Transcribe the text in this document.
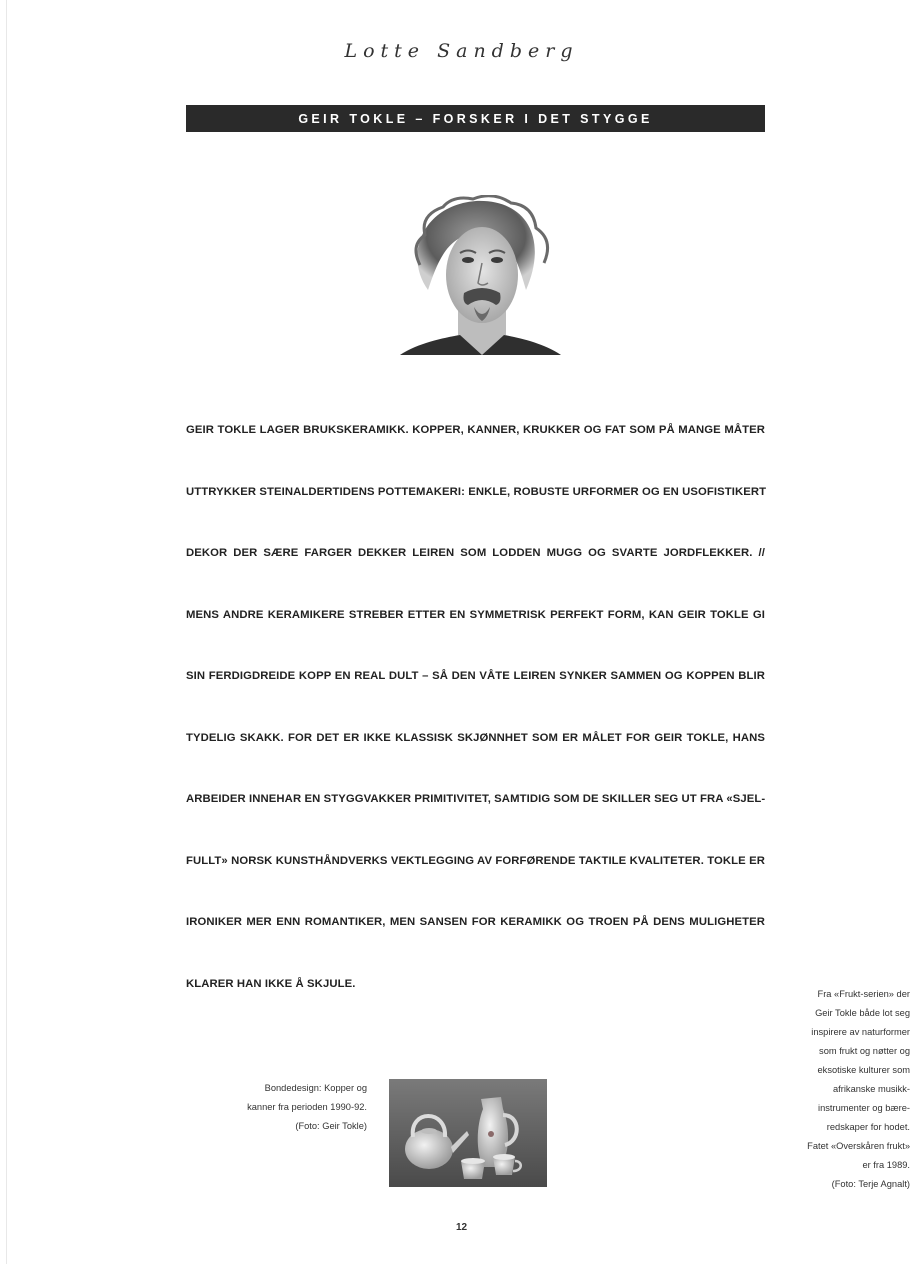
Lotte Sandberg
GEIR TOKLE – FORSKER I DET STYGGE
GEIR TOKLE LAGER BRUKSKERAMIKK. KOPPER, KANNER, KRUKKER OG FAT SOM PÅ MANGE MÅTER
UTTRYKKER STEINALDERTIDENS POTTEMAKERI: ENKLE, ROBUSTE URFORMER OG EN USOFISTIKERT
DEKOR DER SÆRE FARGER DEKKER LEIREN SOM LODDEN MUGG OG SVARTE JORDFLEKKER. //
MENS ANDRE KERAMIKERE STREBER ETTER EN SYMMETRISK PERFEKT FORM, KAN GEIR TOKLE GI
SIN FERDIGDREIDE KOPP EN REAL DULT – SÅ DEN VÅTE LEIREN SYNKER SAMMEN OG KOPPEN BLIR
TYDELIG SKAKK. FOR DET ER IKKE KLASSISK SKJØNNHET SOM ER MÅLET FOR GEIR TOKLE, HANS
ARBEIDER INNEHAR EN STYGGVAKKER PRIMITIVITET, SAMTIDIG SOM DE SKILLER SEG UT FRA «SJEL-
FULLT» NORSK KUNSTHÅNDVERKS VEKTLEGGING AV FORFØRENDE TAKTILE KVALITETER. TOKLE ER
IRONIKER MER ENN ROMANTIKER, MEN SANSEN FOR KERAMIKK OG TROEN PÅ DENS MULIGHETER
KLARER HAN IKKE Å SKJULE.
Fra «Frukt-serien» der
Geir Tokle både lot seg
inspirere av naturformer
som frukt og nøtter og
eksotiske kulturer som
afrikanske musikk-
instrumenter og bære-
redskaper for hodet.
Fatet «Overskåren frukt»
er fra 1989.
(Foto: Terje Agnalt)
Bondedesign: Kopper og
kanner fra perioden 1990-92.
(Foto: Geir Tokle)
12
